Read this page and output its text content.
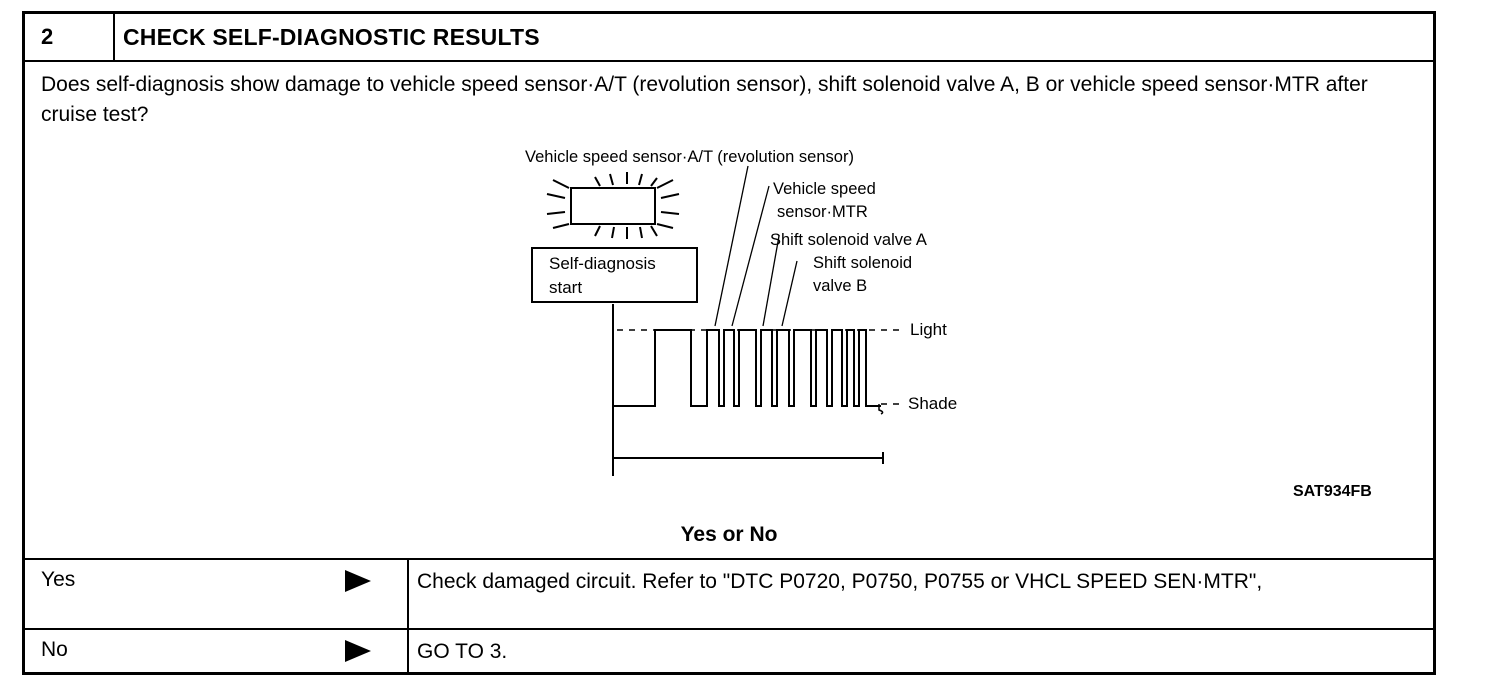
2	CHECK SELF-DIAGNOSTIC RESULTS
Does self-diagnosis show damage to vehicle speed sensor·A/T (revolution sensor), shift solenoid valve A, B or vehicle speed sensor·MTR after cruise test?
Self-diagnosis
start
Vehicle speed sensor·A/T (revolution sensor)
Vehicle speed
sensor·MTR
Shift solenoid valve A
Shift solenoid
valve B
Light
Shade
SAT934FB
Yes or No
Yes	Check damaged circuit. Refer to "DTC P0720, P0750, P0755 or VHCL SPEED SEN·MTR",
No	GO TO 3.
